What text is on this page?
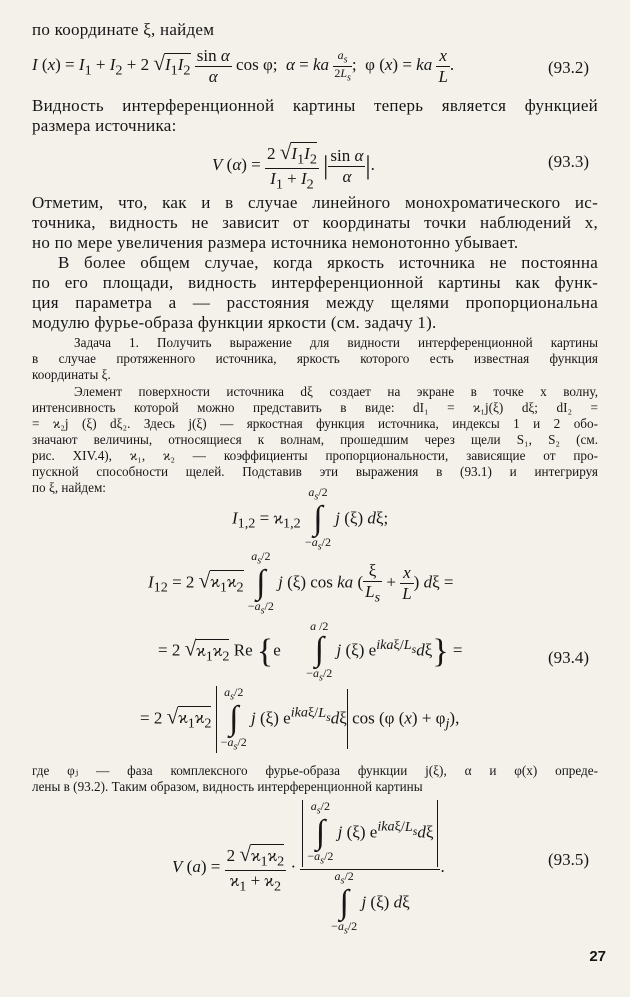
по координате ξ, найдем
I $(x) = I_1 + I_2 + 2$ $√I_1I_2 \frac{\text{sin α}}{\alpha}$ cos φ;  α = ka $\frac{a_s}{2L_s}$ ;  φ (x) = ka $\frac{x}{L}$ .	(93.2)
Видность интерференционной картины теперь является функцией
размера источника:
V $(\alpha) = \frac{2 √I_1I_2}{I_1 + I_2}$ | $\frac{\text{sin α}}{\alpha}$ |.	(93.3)
Отметим, что, как и в случае линейного монохроматического ис-
точника, видность не зависит от координаты точки наблюдений x,
но по мере увеличения размера источника немонотонно убывает.
В более общем случае, когда яркость источника не постоянна
по его площади, видность интерференционной картины как функ-
ция параметра a — расстояния между щелями пропорциональна
модулю фурье-образа функции яркости (см. задачу 1).
Задача 1. Получить выражение для видности интерференционной картины
в случае протяженного источника, яркость которого есть известная функция
координаты ξ.
Элемент поверхности источника dξ создает на экране в точке x волну,
интенсивность которой можно представить в виде: dI₁ = ϰ₁j(ξ) dξ; dI₂ =
= ϰ₂j (ξ) dξ₂. Здесь j(ξ) — яркостная функция источника, индексы 1 и 2 обо-
значают величины, относящиеся к волнам, прошедшим через щели S₁, S₂ (см.
рис. XIV.4), ϰ₁, ϰ₂ — коэффициенты пропорциональности, зависящие от про-
пускной способности щелей. Подставив эти выражения в (93.1) и интегрируя
по ξ, найдем:
$I_{1,2} = ϰ_{1,2}$ $a_s/2$
∫
$-a_s/2$ j (ξ) dξ;
$I_{12} = 2$ $√ϰ_1ϰ_2$ $a_s/2$
∫
$-a_s/2$ j (ξ) cos ka ( $\frac{\xi}{L_s} + \frac{x}{L}$ ) dξ =
= 2 $√ϰ_1ϰ_2$ Re {e      a /2
∫
$-a_s/2$ j (ξ) $e^{ika\xi/L_s}d\xi$} =	(93.4)
= 2 $√ϰ_1ϰ_2$ $a_s/2$
∫
$-a_s/2$ j (ξ) $e^{ika\xi/L_s}d\xi$ cos (φ $(x) + \varphi_j$),
где φⱼ — фаза комплексного фурье-образа функции j(ξ), α и φ(x) опреде-
лены в (93.2). Таким образом, видность интерференционной картины
V $(a) = \frac{2 √ϰ_1ϰ_2}{ϰ_1 + ϰ_2}$ ·
$a_s/2$
∫
$-a_s/2$ j (ξ) $e^{ika\xi/L_s}d\xi$
$a_s/2$
∫
$-a_s/2$ j (ξ) dξ
.	(93.5)
27
